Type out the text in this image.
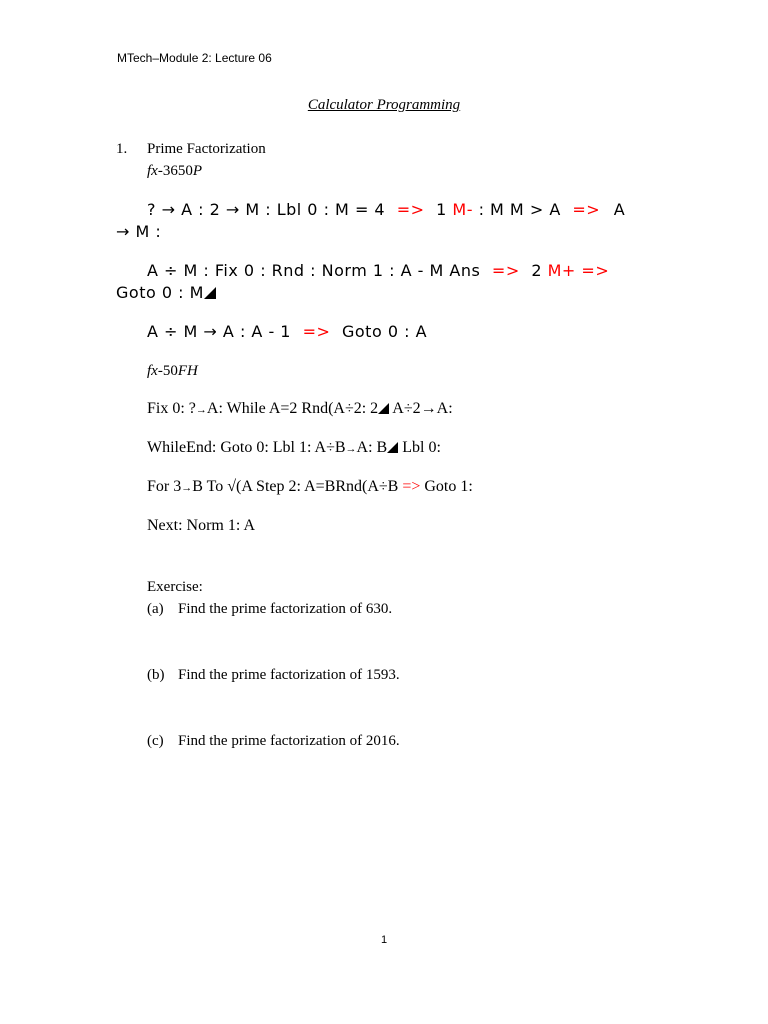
MTech–Module 2: Lecture 06
Calculator Programming
1. Prime Factorization
fx-3650P
? → A : 2 → M : Lbl 0 : M = 4 => 1 M- : M M > A => A
→ M :
A ÷ M : Fix 0 : Rnd : Norm 1 : A - M Ans => 2 M+ =>
Goto 0 : M
A ÷ M → A : A - 1 => Goto 0 : A
fx-50FH
Fix 0: ?→A: While A=2 Rnd(A÷2: 2 A÷2→A:
WhileEnd: Goto 0: Lbl 1: A÷B→A: B Lbl 0:
For 3→B To √(A Step 2: A=BRnd(A÷B => Goto 1:
Next: Norm 1: A
Exercise:
(a) Find the prime factorization of 630.
(b) Find the prime factorization of 1593.
(c) Find the prime factorization of 2016.
1
